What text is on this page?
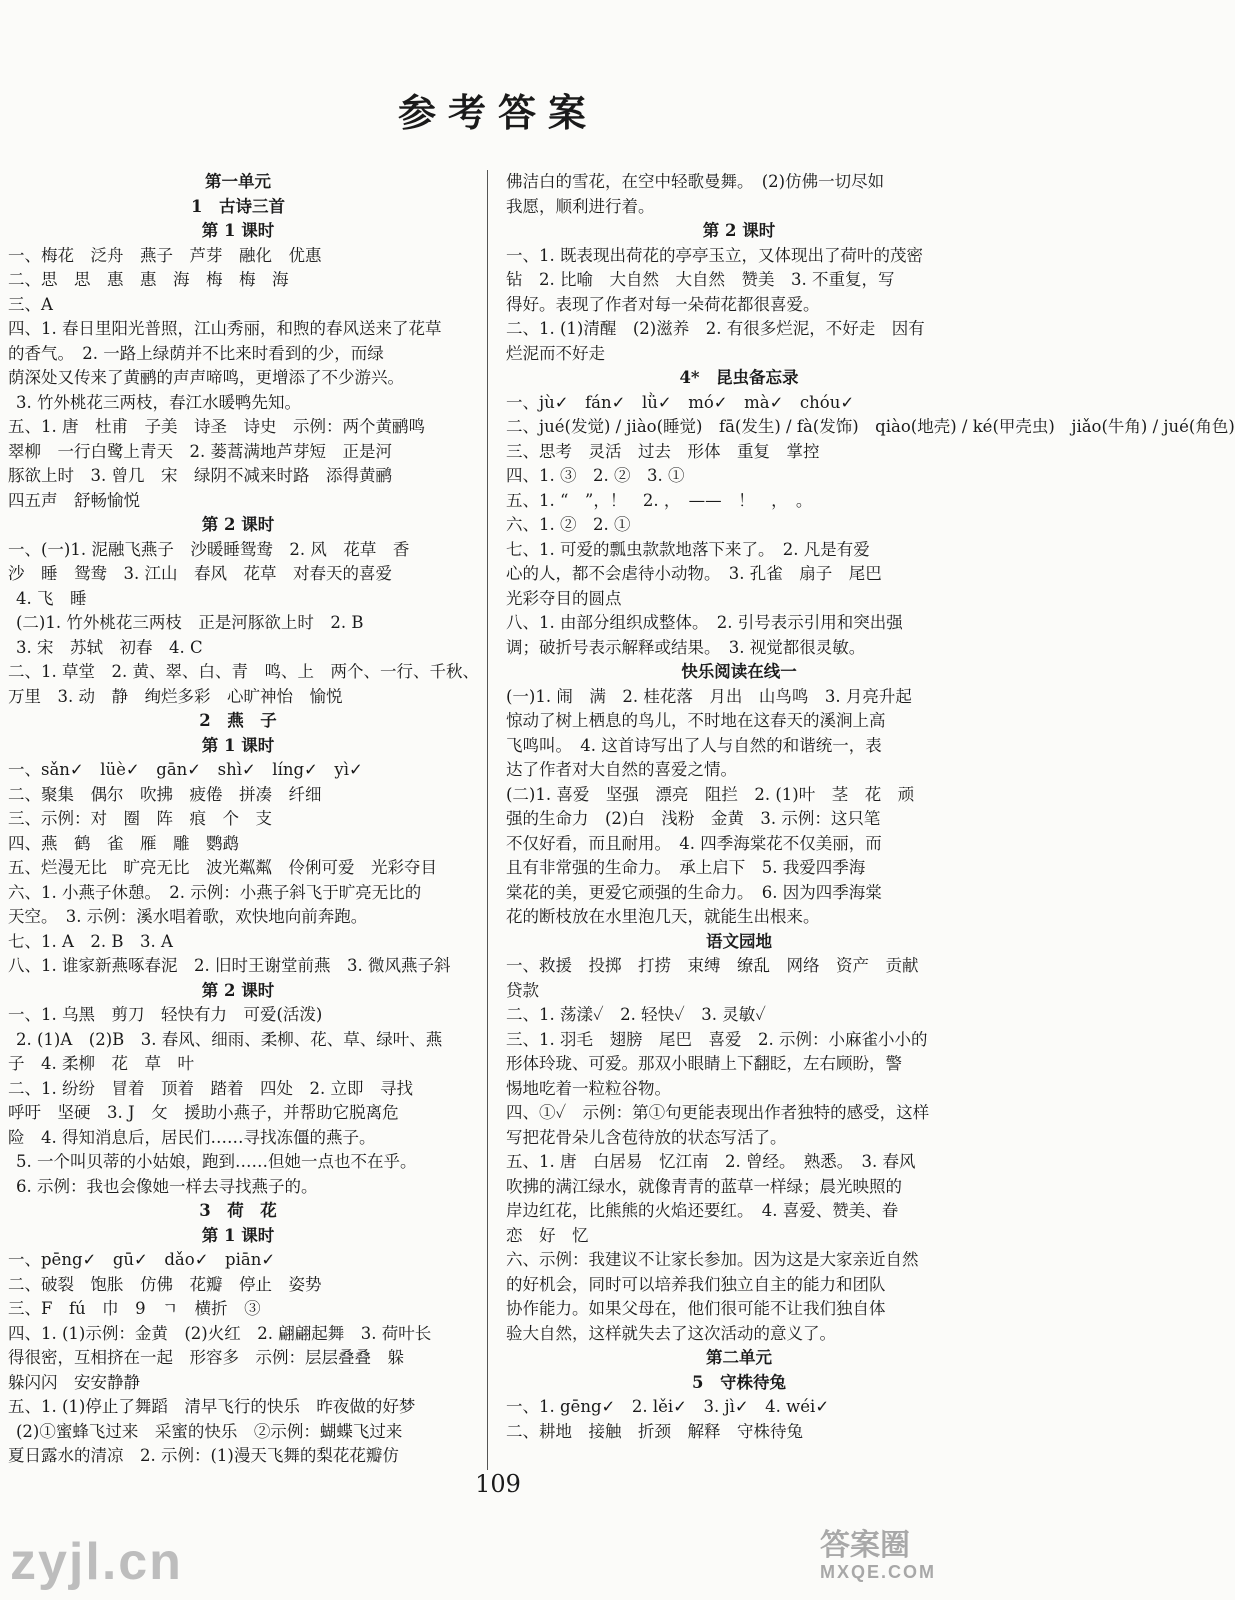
参考答案
第一单元
1　古诗三首
第 1 课时
一、梅花　泛舟　燕子　芦芽　融化　优惠
二、思　思　惠　惠　海　梅　梅　海
三、A
四、1. 春日里阳光普照，江山秀丽，和煦的春风送来了花草
的香气。　2. 一路上绿荫并不比来时看到的少，而绿
荫深处又传来了黄鹂的声声啼鸣，更增添了不少游兴。
3. 竹外桃花三两枝，春江水暖鸭先知。
五、1. 唐　杜甫　子美　诗圣　诗史　示例：两个黄鹂鸣
翠柳　一行白鹭上青天　2. 蒌蒿满地芦芽短　正是河
豚欲上时　3. 曾几　宋　绿阴不减来时路　添得黄鹂
四五声　舒畅愉悦
第 2 课时
一、(一)1. 泥融飞燕子　沙暖睡鸳鸯　2. 风　花草　香
沙　睡　鸳鸯　3. 江山　春风　花草　对春天的喜爱
4. 飞　睡
(二)1. 竹外桃花三两枝　正是河豚欲上时　2. B
3. 宋　苏轼　初春　4. C
二、1. 草堂　2. 黄、翠、白、青　鸣、上　两个、一行、千秋、
万里　3. 动　静　绚烂多彩　心旷神怡　愉悦
2　燕　子
第 1 课时
一、sǎn✓　lüè✓　gān✓　shì✓　líng✓　yì✓
二、聚集　偶尔　吹拂　疲倦　拼凑　纤细
三、示例：对　圈　阵　痕　个　支
四、燕　鹤　雀　雁　雕　鹦鹉
五、烂漫无比　旷亮无比　波光粼粼　伶俐可爱　光彩夺目
六、1. 小燕子休憩。　2. 示例：小燕子斜飞于旷亮无比的
天空。　3. 示例：溪水唱着歌，欢快地向前奔跑。
七、1. A　2. B　3. A
八、1. 谁家新燕啄春泥　2. 旧时王谢堂前燕　3. 微风燕子斜
第 2 课时
一、1. 乌黑　剪刀　轻快有力　可爱(活泼)
2. (1)A　(2)B　3. 春风、细雨、柔柳、花、草、绿叶、燕
子　4. 柔柳　花　草　叶
二、1. 纷纷　冒着　顶着　踏着　四处　2. 立即　寻找
呼吁　坚硬　3. J　攵　援助小燕子，并帮助它脱离危
险　4. 得知消息后，居民们……寻找冻僵的燕子。
5. 一个叫贝蒂的小姑娘，跑到……但她一点也不在乎。
6. 示例：我也会像她一样去寻找燕子的。
3　荷　花
第 1 课时
一、pēng✓　gū✓　dǎo✓　piān✓
二、破裂　饱胀　仿佛　花瓣　停止　姿势
三、F　fú　巾　9　ㄱ　横折　③
四、1. (1)示例：金黄　(2)火红　2. 翩翩起舞　3. 荷叶长
得很密，互相挤在一起　形容多　示例：层层叠叠　躲
躲闪闪　安安静静
五、1. (1)停止了舞蹈　清早飞行的快乐　昨夜做的好梦
(2)①蜜蜂飞过来　采蜜的快乐　②示例：蝴蝶飞过来
夏日露水的清凉　2. 示例：(1)漫天飞舞的梨花花瓣仿
佛洁白的雪花，在空中轻歌曼舞。　(2)仿佛一切尽如
我愿，顺利进行着。
第 2 课时
一、1. 既表现出荷花的亭亭玉立，又体现出了荷叶的茂密
钻　2. 比喻　大自然　大自然　赞美　3. 不重复，写
得好。表现了作者对每一朵荷花都很喜爱。
二、1. (1)清醒　(2)滋养　2. 有很多烂泥，不好走　因有
烂泥而不好走
4*　昆虫备忘录
一、jù✓　fán✓　lǜ✓　mó✓　mà✓　chóu✓
二、jué(发觉) / jiào(睡觉)　fā(发生) / fà(发饰)　qiào(地壳) / ké(甲壳虫)　jiǎo(牛角) / jué(角色)
三、思考　灵活　过去　形体　重复　掌控
四、1. ③　2. ②　3. ①
五、1. “　”，！　2. ，　——　！　，　。
六、1. ②　2. ①
七、1. 可爱的瓢虫款款地落下来了。　2. 凡是有爱
心的人，都不会虐待小动物。　3. 孔雀　扇子　尾巴
光彩夺目的圆点
八、1. 由部分组织成整体。　2. 引号表示引用和突出强
调；破折号表示解释或结果。　3. 视觉都很灵敏。
快乐阅读在线一
(一)1. 闹　满　2. 桂花落　月出　山鸟鸣　3. 月亮升起
惊动了树上栖息的鸟儿，不时地在这春天的溪涧上高
飞鸣叫。　4. 这首诗写出了人与自然的和谐统一，表
达了作者对大自然的喜爱之情。
(二)1. 喜爱　坚强　漂亮　阻拦　2. (1)叶　茎　花　顽
强的生命力　(2)白　浅粉　金黄　3. 示例：这只笔
不仅好看，而且耐用。　4. 四季海棠花不仅美丽，而
且有非常强的生命力。　承上启下　5. 我爱四季海
棠花的美，更爱它顽强的生命力。　6. 因为四季海棠
花的断枝放在水里泡几天，就能生出根来。
语文园地
一、救援　投掷　打捞　束缚　缭乱　网络　资产　贡献
贷款
二、1. 荡漾✓　2. 轻快✓　3. 灵敏✓
三、1. 羽毛　翅膀　尾巴　喜爱　2. 示例：小麻雀小小的
形体玲珑、可爱。那双小眼睛上下翻眨，左右顾盼，警
惕地吃着一粒粒谷物。
四、①✓　示例：第①句更能表现出作者独特的感受，这样
写把花骨朵儿含苞待放的状态写活了。
五、1. 唐　白居易　忆江南　2. 曾经。　熟悉。　3. 春风
吹拂的满江绿水，就像青青的蓝草一样绿；晨光映照的
岸边红花，比熊熊的火焰还要红。　4. 喜爱、赞美、眷
恋　好　忆
六、示例：我建议不让家长参加。因为这是大家亲近自然
的好机会，同时可以培养我们独立自主的能力和团队
协作能力。如果父母在，他们很可能不让我们独自体
验大自然，这样就失去了这次活动的意义了。
第二单元
5　守株待兔
一、1. gēng✓　2. lěi✓　3. jì✓　4. wéi✓
二、耕地　接触　折颈　解释　守株待兔
109
zyjl.cn	答案圈
MXQE.COM
